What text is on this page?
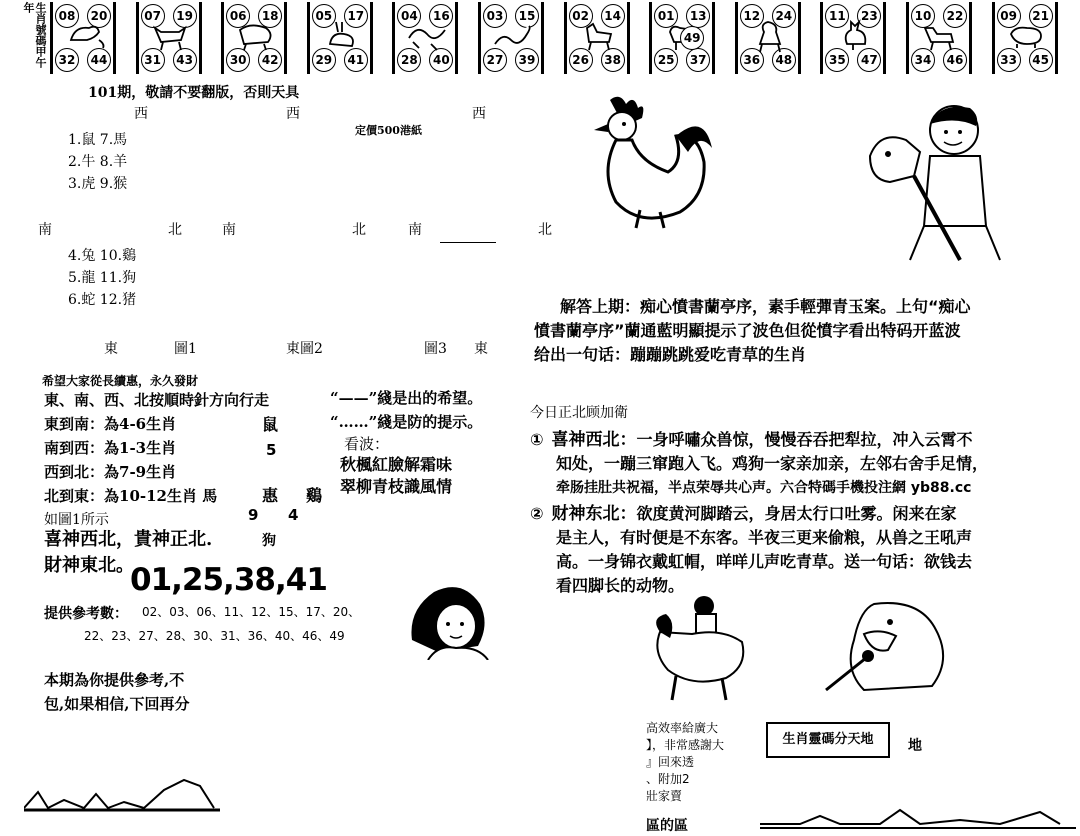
生肖號碼甲午年
08	20
32	44
07	19
31	43
06	18
30	42
05	17
29	41
04	16
28	40
03	15
27	39
02	14
26	38
01	13
25	37
49
12	24
36	48
11	23
35	47
10	22
34	46
09	21
33	45
101期，敬請不要翻版，否則天具
西	西	西
定價500港紙
1.鼠 7.馬
2.牛 8.羊
3.虎 9.猴
南	北	南	北	南	北
4.兔 10.鷄
5.龍 11.狗
6.蛇 12.猪
東	圖1	東圖2	圖3 東
希望大家從長續惠，永久發財
東、南、西、北按順時針方向行走
東到南：為4-6生肖
南到西：為1-3生肖
西到北：為7-9生肖
北到東：為10-12生肖 馬
如圖1所示
“——”綫是出的希望。
“……”綫是防的提示。
鼠
5
惠 鷄
9 4
狗
看波：
秋楓紅臉解霜味
翠柳青枝識風情
喜神西北，貴神正北.
財神東北。
01,25,38,41
提供參考數： 02、03、06、11、12、15、17、20、
22、23、27、28、30、31、36、40、46、49
本期為你提供參考,不
包,如果相信,下回再分
解答上期：痴心憤書蘭亭序，素手輕彈青玉案。上句“痴心
憤書蘭亭序”蘭通藍明顯提示了波色但從憤字看出特码开蓝波
给出一句话：蹦蹦跳跳爱吃青草的生肖
今日正北顾加衛
① 喜神西北：一身呼嘯众兽惊，慢慢吞吞把犁拉，冲入云霄不
知处，一蹦三窜跑入飞。鸡狗一家亲加亲，左邻右舍手足情，
牵肠挂肚共祝福，半点荣辱共心声。六合特碼手機投注網 yb88.cc
② 财神东北：欲度黄河脚踏云，身居太行口吐雾。闲来在家
是主人，有时便是不东客。半夜三更来偷粮，从兽之王吼声
高。一身锦衣戴虹帽，咩咩儿声吃青草。送一句话：欲钱去
看四脚长的动物。
高效率給廣大
】，非常感謝大
』回來透
、附加2
壯家賣
生肖靈碼分天地	地
區的區
